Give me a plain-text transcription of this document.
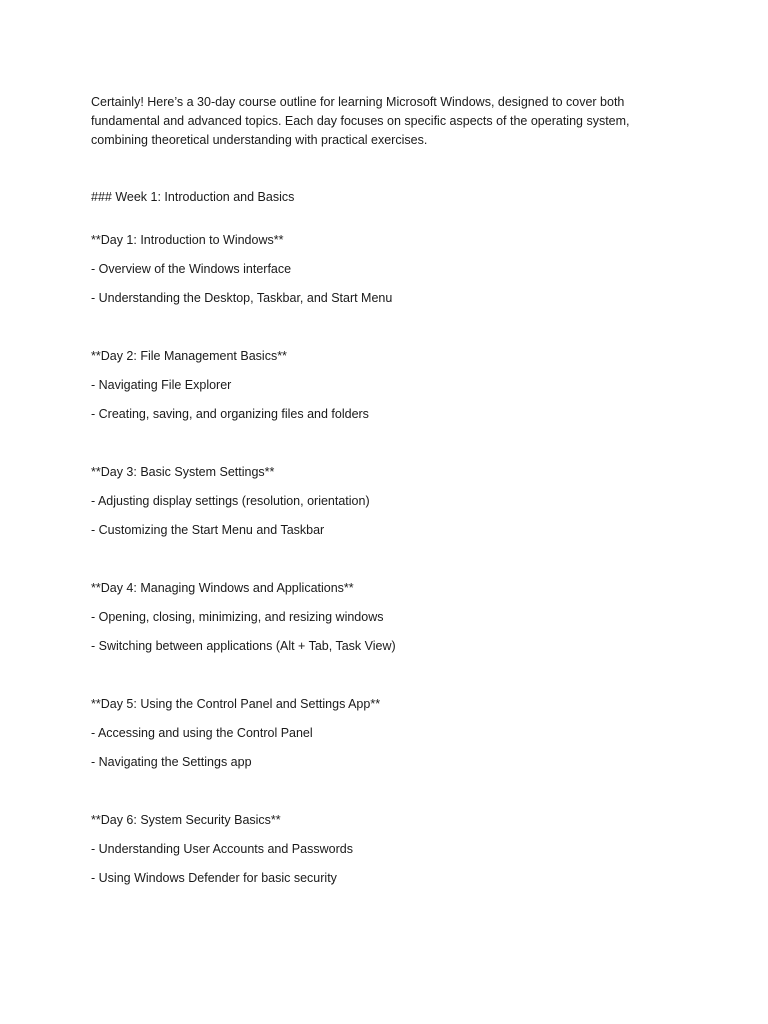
Certainly! Here’s a 30-day course outline for learning Microsoft Windows, designed to cover both fundamental and advanced topics. Each day focuses on specific aspects of the operating system, combining theoretical understanding with practical exercises.

### Week 1: Introduction and Basics

**Day 1: Introduction to Windows**

- Overview of the Windows interface

- Understanding the Desktop, Taskbar, and Start Menu

**Day 2: File Management Basics**

- Navigating File Explorer

- Creating, saving, and organizing files and folders

**Day 3: Basic System Settings**

- Adjusting display settings (resolution, orientation)

- Customizing the Start Menu and Taskbar

**Day 4: Managing Windows and Applications**

- Opening, closing, minimizing, and resizing windows

- Switching between applications (Alt + Tab, Task View)

**Day 5: Using the Control Panel and Settings App**

- Accessing and using the Control Panel

- Navigating the Settings app

**Day 6: System Security Basics**

- Understanding User Accounts and Passwords

- Using Windows Defender for basic security
